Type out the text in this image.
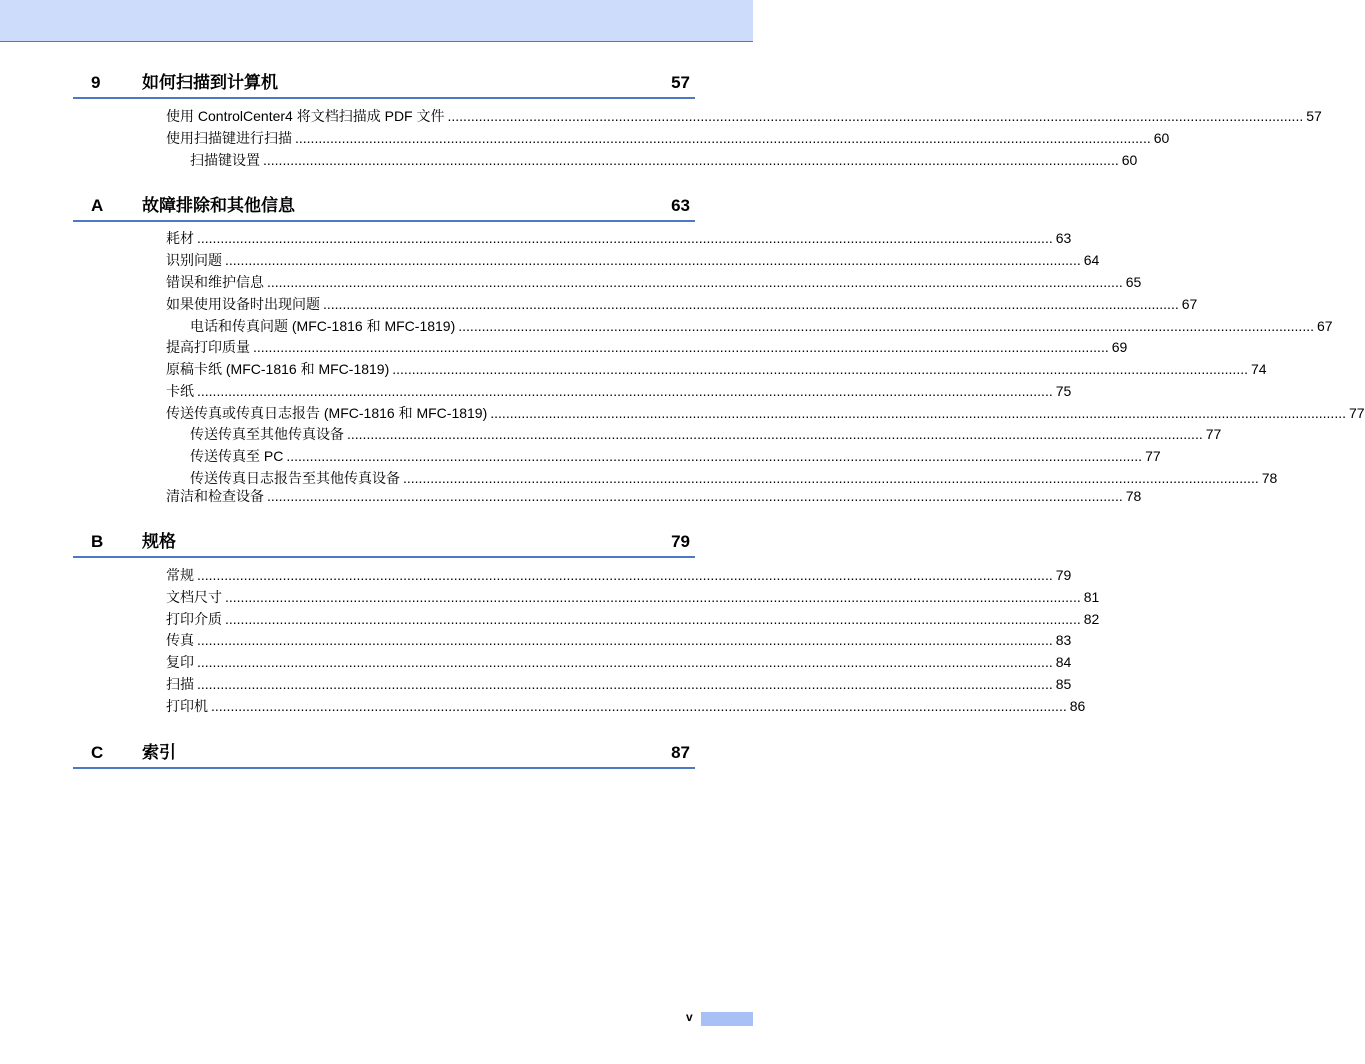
9 如何扫描到计算机	57
使用 ControlCenter4 将文档扫描成 PDF 文件 ............................................................................................................................................................................................................................ 57
使用扫描键进行扫描 ............................................................................................................................................................................................................................ 60
扫描键设置 ............................................................................................................................................................................................................................ 60
A 故障排除和其他信息	63
耗材 ............................................................................................................................................................................................................................ 63
识别问题 ............................................................................................................................................................................................................................ 64
错误和维护信息 ............................................................................................................................................................................................................................ 65
如果使用设备时出现问题 ............................................................................................................................................................................................................................ 67
电话和传真问题 (MFC-1816 和 MFC-1819) ............................................................................................................................................................................................................................ 67
提高打印质量 ............................................................................................................................................................................................................................ 69
原稿卡纸 (MFC-1816 和 MFC-1819) ............................................................................................................................................................................................................................ 74
卡纸 ............................................................................................................................................................................................................................ 75
传送传真或传真日志报告 (MFC-1816 和 MFC-1819) ............................................................................................................................................................................................................................ 77
传送传真至其他传真设备 ............................................................................................................................................................................................................................ 77
传送传真至 PC ............................................................................................................................................................................................................................ 77
传送传真日志报告至其他传真设备 ............................................................................................................................................................................................................................ 78
清洁和检查设备 ............................................................................................................................................................................................................................ 78
B 规格	79
常规 ............................................................................................................................................................................................................................ 79
文档尺寸 ............................................................................................................................................................................................................................ 81
打印介质 ............................................................................................................................................................................................................................ 82
传真 ............................................................................................................................................................................................................................ 83
复印 ............................................................................................................................................................................................................................ 84
扫描 ............................................................................................................................................................................................................................ 85
打印机 ............................................................................................................................................................................................................................ 86
C 索引	87
v
